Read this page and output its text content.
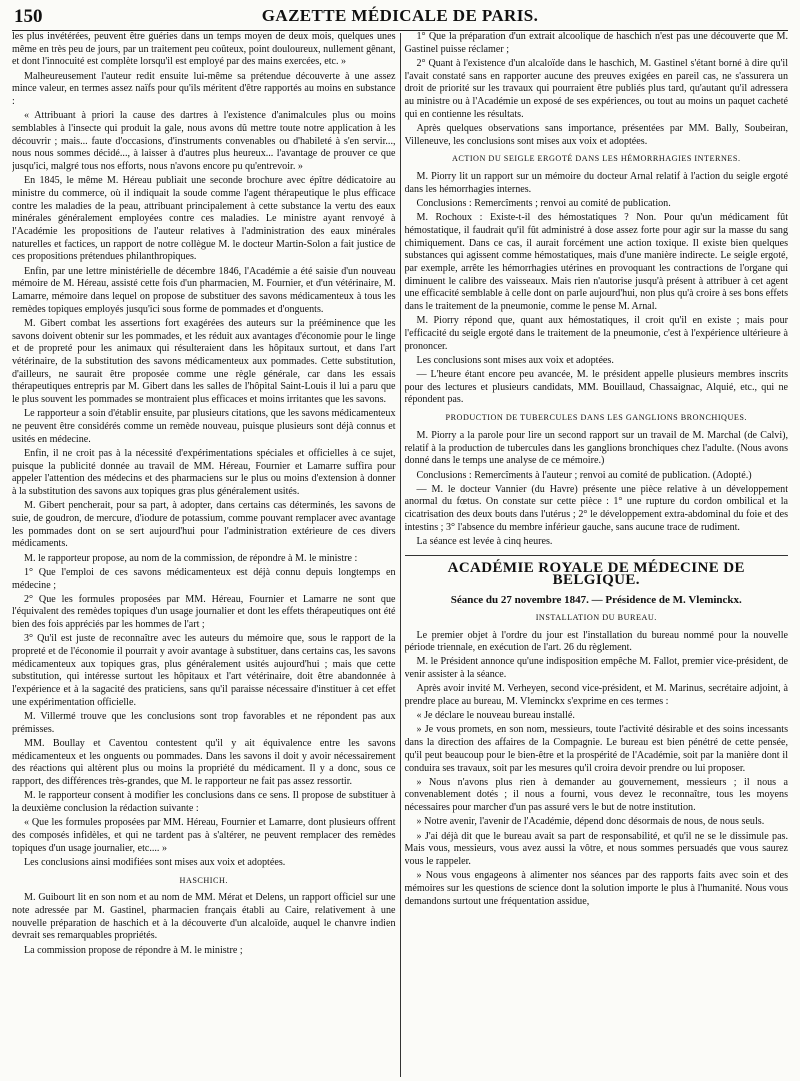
150	GAZETTE MÉDICALE DE PARIS.

les plus invétérées, peuvent être guéries dans un temps moyen de deux mois, quelques unes même en très peu de jours, par un traitement peu coûteux, point douloureux, nullement gênant, et dont l'innocuité est complète lorsqu'il est employé par des mains exercées, etc. »

Malheureusement l'auteur redit ensuite lui-même sa prétendue découverte à une assez mince valeur, en termes assez naïfs pour qu'ils méritent d'être rapportés au moins en substance :

« Attribuant à priori la cause des dartres à l'existence d'animalcules plus ou moins semblables à l'insecte qui produit la gale, nous avons dû mettre toute notre application à les découvrir ; mais... faute d'occasions, d'instruments convenables ou d'habileté à s'en servir..., nous nous sommes décidé..., à laisser à d'autres plus heureux... l'avantage de prouver ce que jusqu'ici, malgré tous nos efforts, nous n'avons encore pu qu'entrevoir. »

En 1845, le même M. Héreau publiait une seconde brochure avec épître dédicatoire au ministre du commerce, où il indiquait la soude comme l'agent thérapeutique le plus efficace contre les maladies de la peau, attribuant principalement à cette substance la vertu des eaux minérales généralement employées contre ces maladies. Le ministre ayant renvoyé à l'Académie les propositions de l'auteur relatives à l'administration des eaux minérales naturelles et factices, un rapport de notre collègue M. le docteur Martin-Solon a fait justice de ces propositions prétendues philanthropiques.

Enfin, par une lettre ministérielle de décembre 1846, l'Académie a été saisie d'un nouveau mémoire de M. Héreau, assisté cette fois d'un pharmacien, M. Fournier, et d'un vétérinaire, M. Lamarre, mémoire dans lequel on propose de substituer des savons médicamenteux à tous les remèdes topiques employés jusqu'ici sous forme de pommades et d'onguents.

M. Gibert combat les assertions fort exagérées des auteurs sur la prééminence que les savons doivent obtenir sur les pommades, et les réduit aux avantages d'économie pour le linge et de propreté pour les animaux qui résulteraient dans les hôpitaux surtout, et dans l'art vétérinaire, de la substitution des savons médicamenteux aux pommades. Cette substitution, d'ailleurs, ne saurait être proposée comme une règle générale, car dans les essais thérapeutiques entrepris par M. Gibert dans les salles de l'hôpital Saint-Louis il lui a paru que le plus souvent les pommades se montraient plus efficaces et moins irritantes que les savons.

Le rapporteur a soin d'établir ensuite, par plusieurs citations, que les savons médicamenteux ne peuvent être considérés comme un remède nouveau, puisque plusieurs sont déjà connus et usités en médecine.

Enfin, il ne croit pas à la nécessité d'expérimentations spéciales et officielles à ce sujet, puisque la publicité donnée au travail de MM. Héreau, Fournier et Lamarre suffira pour appeler l'attention des médecins et des pharmaciens sur le plus ou moins d'extension à donner à la substitution des savons aux topiques gras plus généralement usités.

M. Gibert pencherait, pour sa part, à adopter, dans certains cas déterminés, les savons de suie, de goudron, de mercure, d'iodure de potassium, comme pouvant remplacer avec avantage les pommades dont on se sert aujourd'hui pour l'administration extérieure de ces divers médicaments.

M. le rapporteur propose, au nom de la commission, de répondre à M. le ministre :

1° Que l'emploi de ces savons médicamenteux est déjà connu depuis longtemps en médecine ;

2° Que les formules proposées par MM. Héreau, Fournier et Lamarre ne sont que l'équivalent des remèdes topiques d'un usage journalier et dont les effets thérapeutiques ont été bien des fois appréciés par les hommes de l'art ;

3° Qu'il est juste de reconnaître avec les auteurs du mémoire que, sous le rapport de la propreté et de l'économie il pourrait y avoir avantage à substituer, dans certains cas, les savons médicamenteux aux topiques gras, plus généralement usités aujourd'hui ; mais que cette substitution, qui intéresse surtout les hôpitaux et l'art vétérinaire, doit être abandonnée à l'expérience et à la sagacité des praticiens, sans qu'il paraisse nécessaire d'instituer à cet effet une expérimentation officielle.

M. Villermé trouve que les conclusions sont trop favorables et ne répondent pas aux prémisses.

MM. Boullay et Caventou contestent qu'il y ait équivalence entre les savons médicamenteux et les onguents ou pommades. Dans les savons il doit y avoir nécessairement des réactions qui altèrent plus ou moins la propriété du médicament. Il y a donc, sous ce rapport, des différences très-grandes, que M. le rapporteur ne fait pas assez ressortir.

M. le rapporteur consent à modifier les conclusions dans ce sens. Il propose de substituer à la deuxième conclusion la rédaction suivante :

« Que les formules proposées par MM. Héreau, Fournier et Lamarre, dont plusieurs offrent des composés infidèles, et qui ne tardent pas à s'altérer, ne peuvent remplacer des remèdes topiques d'un usage journalier, etc.... »

Les conclusions ainsi modifiées sont mises aux voix et adoptées.

HASCHICH.

M. Guibourt lit en son nom et au nom de MM. Mérat et Delens, un rapport officiel sur une note adressée par M. Gastinel, pharmacien français établi au Caire, relativement à une nouvelle préparation de haschich et à la découverte d'un alcaloïde, auquel le chanvre indien devrait ses remarquables propriétés.

La commission propose de répondre à M. le ministre ;

1° Que la préparation d'un extrait alcoolique de haschich n'est pas une découverte que M. Gastinel puisse réclamer ;

2° Quant à l'existence d'un alcaloïde dans le haschich, M. Gastinel s'étant borné à dire qu'il l'avait constaté sans en rapporter aucune des preuves exigées en pareil cas, ne s'assurera un droit de priorité sur les travaux qui pourraient être publiés plus tard, qu'autant qu'il adressera au ministre ou à l'Académie un exposé de ses expériences, ou tout au moins un paquet cacheté qui en contienne les résultats.

Après quelques observations sans importance, présentées par MM. Bally, Soubeiran, Villeneuve, les conclusions sont mises aux voix et adoptées.

ACTION DU SEIGLE ERGOTÉ DANS LES HÉMORRHAGIES INTERNES.

M. Piorry lit un rapport sur un mémoire du docteur Arnal relatif à l'action du seigle ergoté dans les hémorrhagies internes.

Conclusions : Remercîments ; renvoi au comité de publication.

M. Rochoux : Existe-t-il des hémostatiques ? Non. Pour qu'un médicament fût hémostatique, il faudrait qu'il fût administré à dose assez forte pour agir sur la masse du sang chimiquement. Dans ce cas, il aurait forcément une action toxique. Il existe bien quelques substances qui agissent comme hémostatiques, mais d'une manière indirecte. Le seigle ergoté, par exemple, arrête les hémorrhagies utérines en provoquant les contractions de l'organe qui diminuent le calibre des vaisseaux. Mais rien n'autorise jusqu'à présent à attribuer à cet agent une efficacité semblable à celle dont on parle aujourd'hui, non plus qu'à croire à ses bons effets dans le traitement de la pneumonie, comme le pense M. Arnal.

M. Piorry répond que, quant aux hémostatiques, il croit qu'il en existe ; mais pour l'efficacité du seigle ergoté dans le traitement de la pneumonie, c'est à l'expérience ultérieure à prononcer.

Les conclusions sont mises aux voix et adoptées.

— L'heure étant encore peu avancée, M. le président appelle plusieurs membres inscrits pour des lectures et plusieurs candidats, MM. Bouillaud, Chassaignac, Alquié, etc., qui ne répondent pas.

PRODUCTION DE TUBERCULES DANS LES GANGLIONS BRONCHIQUES.

M. Piorry a la parole pour lire un second rapport sur un travail de M. Marchal (de Calvi), relatif à la production de tubercules dans les ganglions bronchiques chez l'adulte. (Nous avons donné dans le temps une analyse de ce mémoire.)

Conclusions : Remercîments à l'auteur ; renvoi au comité de publication. (Adopté.)

— M. le docteur Vannier (du Havre) présente une pièce relative à un développement anormal du fœtus. On constate sur cette pièce : 1° une rupture du cordon ombilical et la cicatrisation des deux bouts dans l'utérus ; 2° le développement extra-abdominal du foie et des intestins ; 3° l'absence du membre inférieur gauche, sans aucune trace de rudiment.

La séance est levée à cinq heures.

ACADÉMIE ROYALE DE MÉDECINE DE BELGIQUE.

Séance du 27 novembre 1847. — Présidence de M. Vleminckx.

INSTALLATION DU BUREAU.

Le premier objet à l'ordre du jour est l'installation du bureau nommé pour la nouvelle période triennale, en exécution de l'art. 26 du règlement.

M. le Président annonce qu'une indisposition empêche M. Fallot, premier vice-président, de venir assister à la séance.

Après avoir invité M. Verheyen, second vice-président, et M. Marinus, secrétaire adjoint, à prendre place au bureau, M. Vleminckx s'exprime en ces termes :

« Je déclare le nouveau bureau installé.

» Je vous promets, en son nom, messieurs, toute l'activité désirable et des soins incessants dans la direction des affaires de la Compagnie. Le bureau est bien pénétré de cette pensée, qu'il peut beaucoup pour le bien-être et la prospérité de l'Académie, soit par la manière dont il conduira ses travaux, soit par les mesures qu'il croira devoir prendre ou lui proposer.

» Nous n'avons plus rien à demander au gouvernement, messieurs ; il nous a convenablement dotés ; il nous a fourni, vous devez le reconnaître, tous les moyens nécessaires pour marcher d'un pas assuré vers le but de notre institution.

» Notre avenir, l'avenir de l'Académie, dépend donc désormais de nous, de nous seuls.

» J'ai déjà dit que le bureau avait sa part de responsabilité, et qu'il ne se le dissimule pas. Mais vous, messieurs, vous avez aussi la vôtre, et nous sommes persuadés que vous saurez vous le rappeler.

» Nous vous engageons à alimenter nos séances par des rapports faits avec soin et des mémoires sur les questions de science dont la solution importe le plus à l'humanité. Nous vous demandons surtout une fréquentation assidue,
